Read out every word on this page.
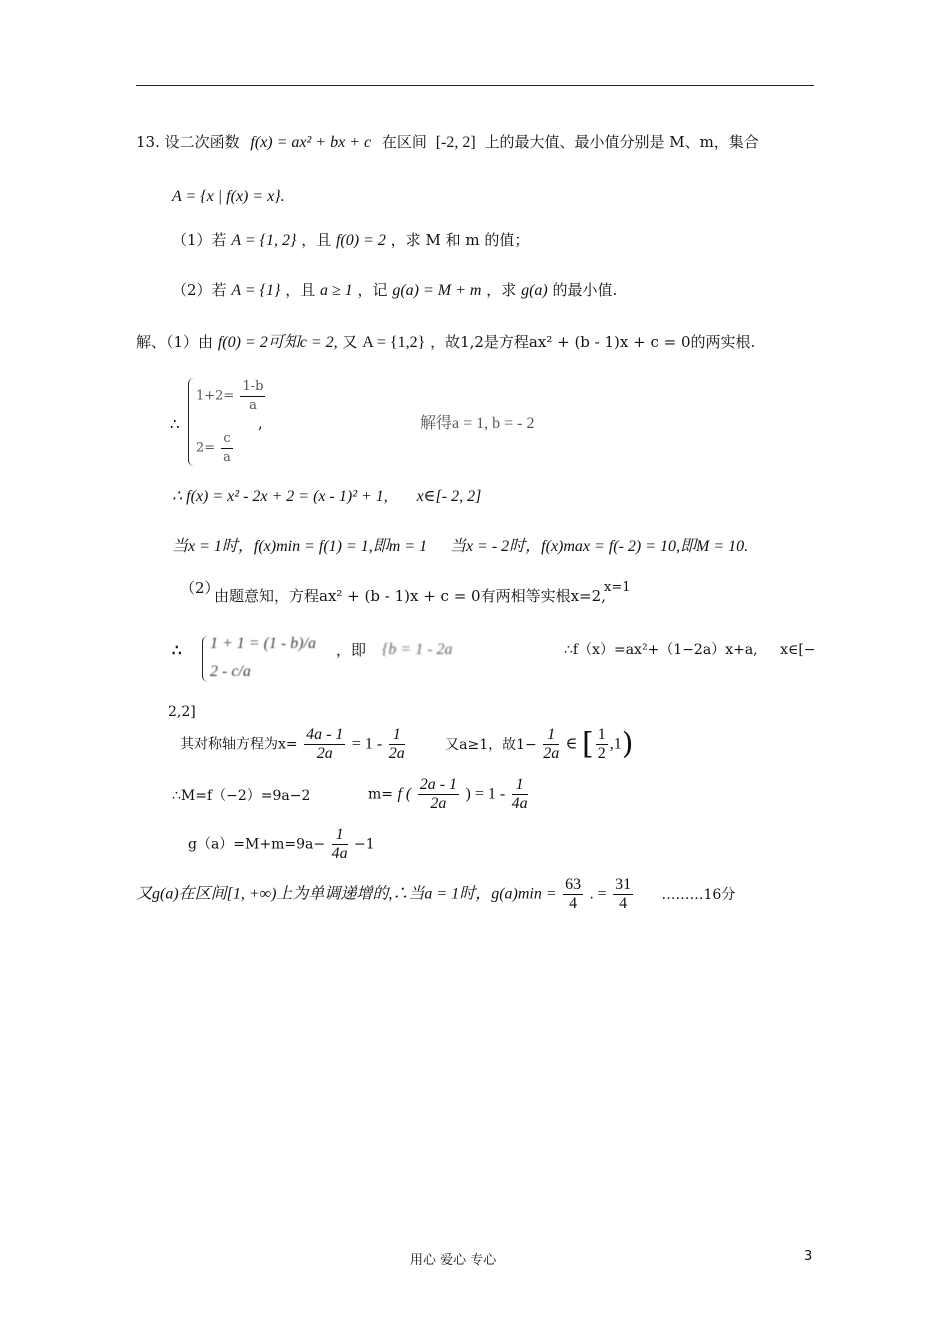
13. 设二次函数 f(x) = ax² + bx + c 在区间 [-2, 2] 上的最大值、最小值分别是 M、m，集合
A = {x | f(x) = x}.
（1）若 A = {1, 2} ，且 f(0) = 2 ，求 M 和 m 的值；
（2）若 A = {1} ，且 a ≥ 1 ，记 g(a) = M + m ，求 g(a) 的最小值.
解、（1）由 f(0) = 2可知c = 2, 又 A = {1,2} ，故1,2是方程ax² + (b - 1)x + c = 0的两实根.
∴
$1+2= \frac{1-b}{a}$
$2= \frac{c}{a}$
,	解得a = 1, b = - 2
∴ f(x) = x² - 2x + 2 = (x - 1)² + 1, x∈[- 2, 2]
当x = 1时，f(x)min = f(1) = 1,即m = 1 当x = - 2时，f(x)max = f(- 2) = 10,即M = 10.
（2）
由题意知，方程ax² + (b - 1)x + c = 0有两相等实根x=2,
x=1
∴ 1 + 1 = (1 - b)/a
2 - c/a
，即 {b = 1 - 2a	∴f（x）=ax²+（1−2a）x+a, x∈[−
2,2]
其对称轴方程为$x= \frac{4a - 1}{2a} = 1 - \frac{1}{2a}$	又a≥1，故$1- \frac{1}{2a}$ ∈ [ $\frac{1}{2} ,1$)
∴M=f（−2）=9a−2	m= f ( $\frac{2a - 1}{2a}$ ) = $1 - \frac{1}{4a}$
$g(a)=M+m=9a- \frac{1}{4a} -1$
又g(a)在区间[1, +∞)上为单调递增的,∴当a = 1时，$g(a)\min = \frac{63}{4}$ . = $\frac{31}{4}$ ………16分
用心 爱心 专心	3
